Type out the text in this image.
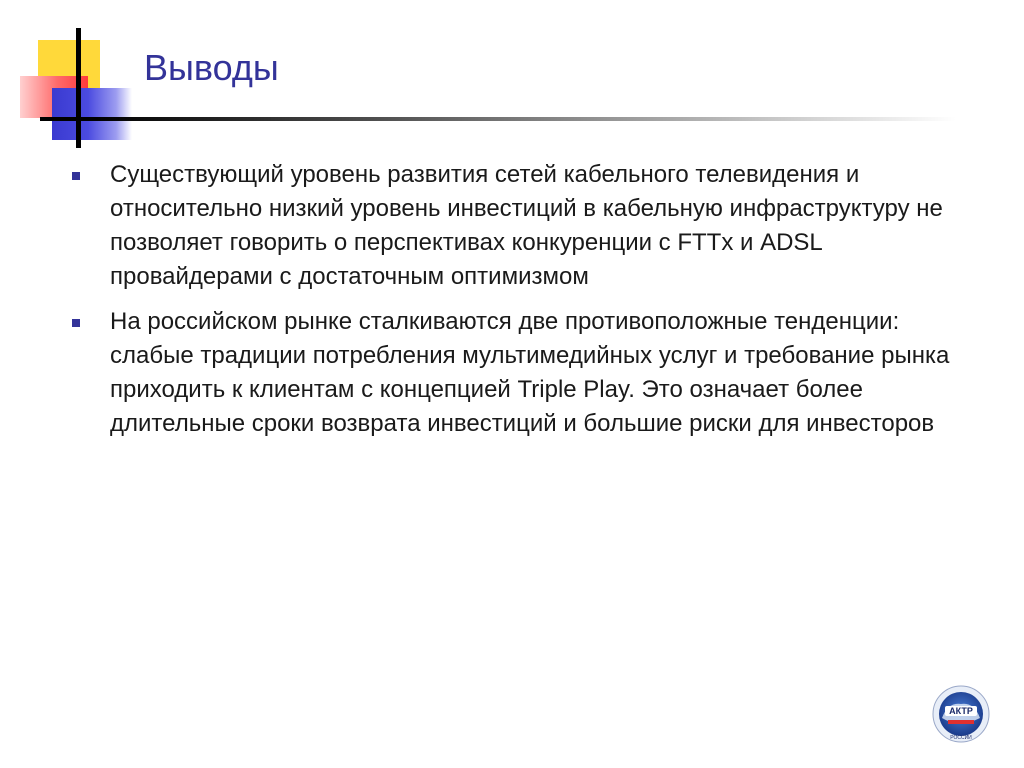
Выводы
Существующий уровень развития сетей кабельного телевидения и относительно низкий уровень инвестиций в кабельную инфраструктуру не позволяет говорить о перспективах конкуренции с FTTx и ADSL провайдерами с достаточным оптимизмом
На российском рынке сталкиваются две противоположные тенденции: слабые традиции потребления мультимедийных услуг и требование рынка приходить к клиентам с концепцией Triple Play. Это означает более длительные сроки возврата инвестиций и большие риски для инвесторов
АКТР
РОССИИ
